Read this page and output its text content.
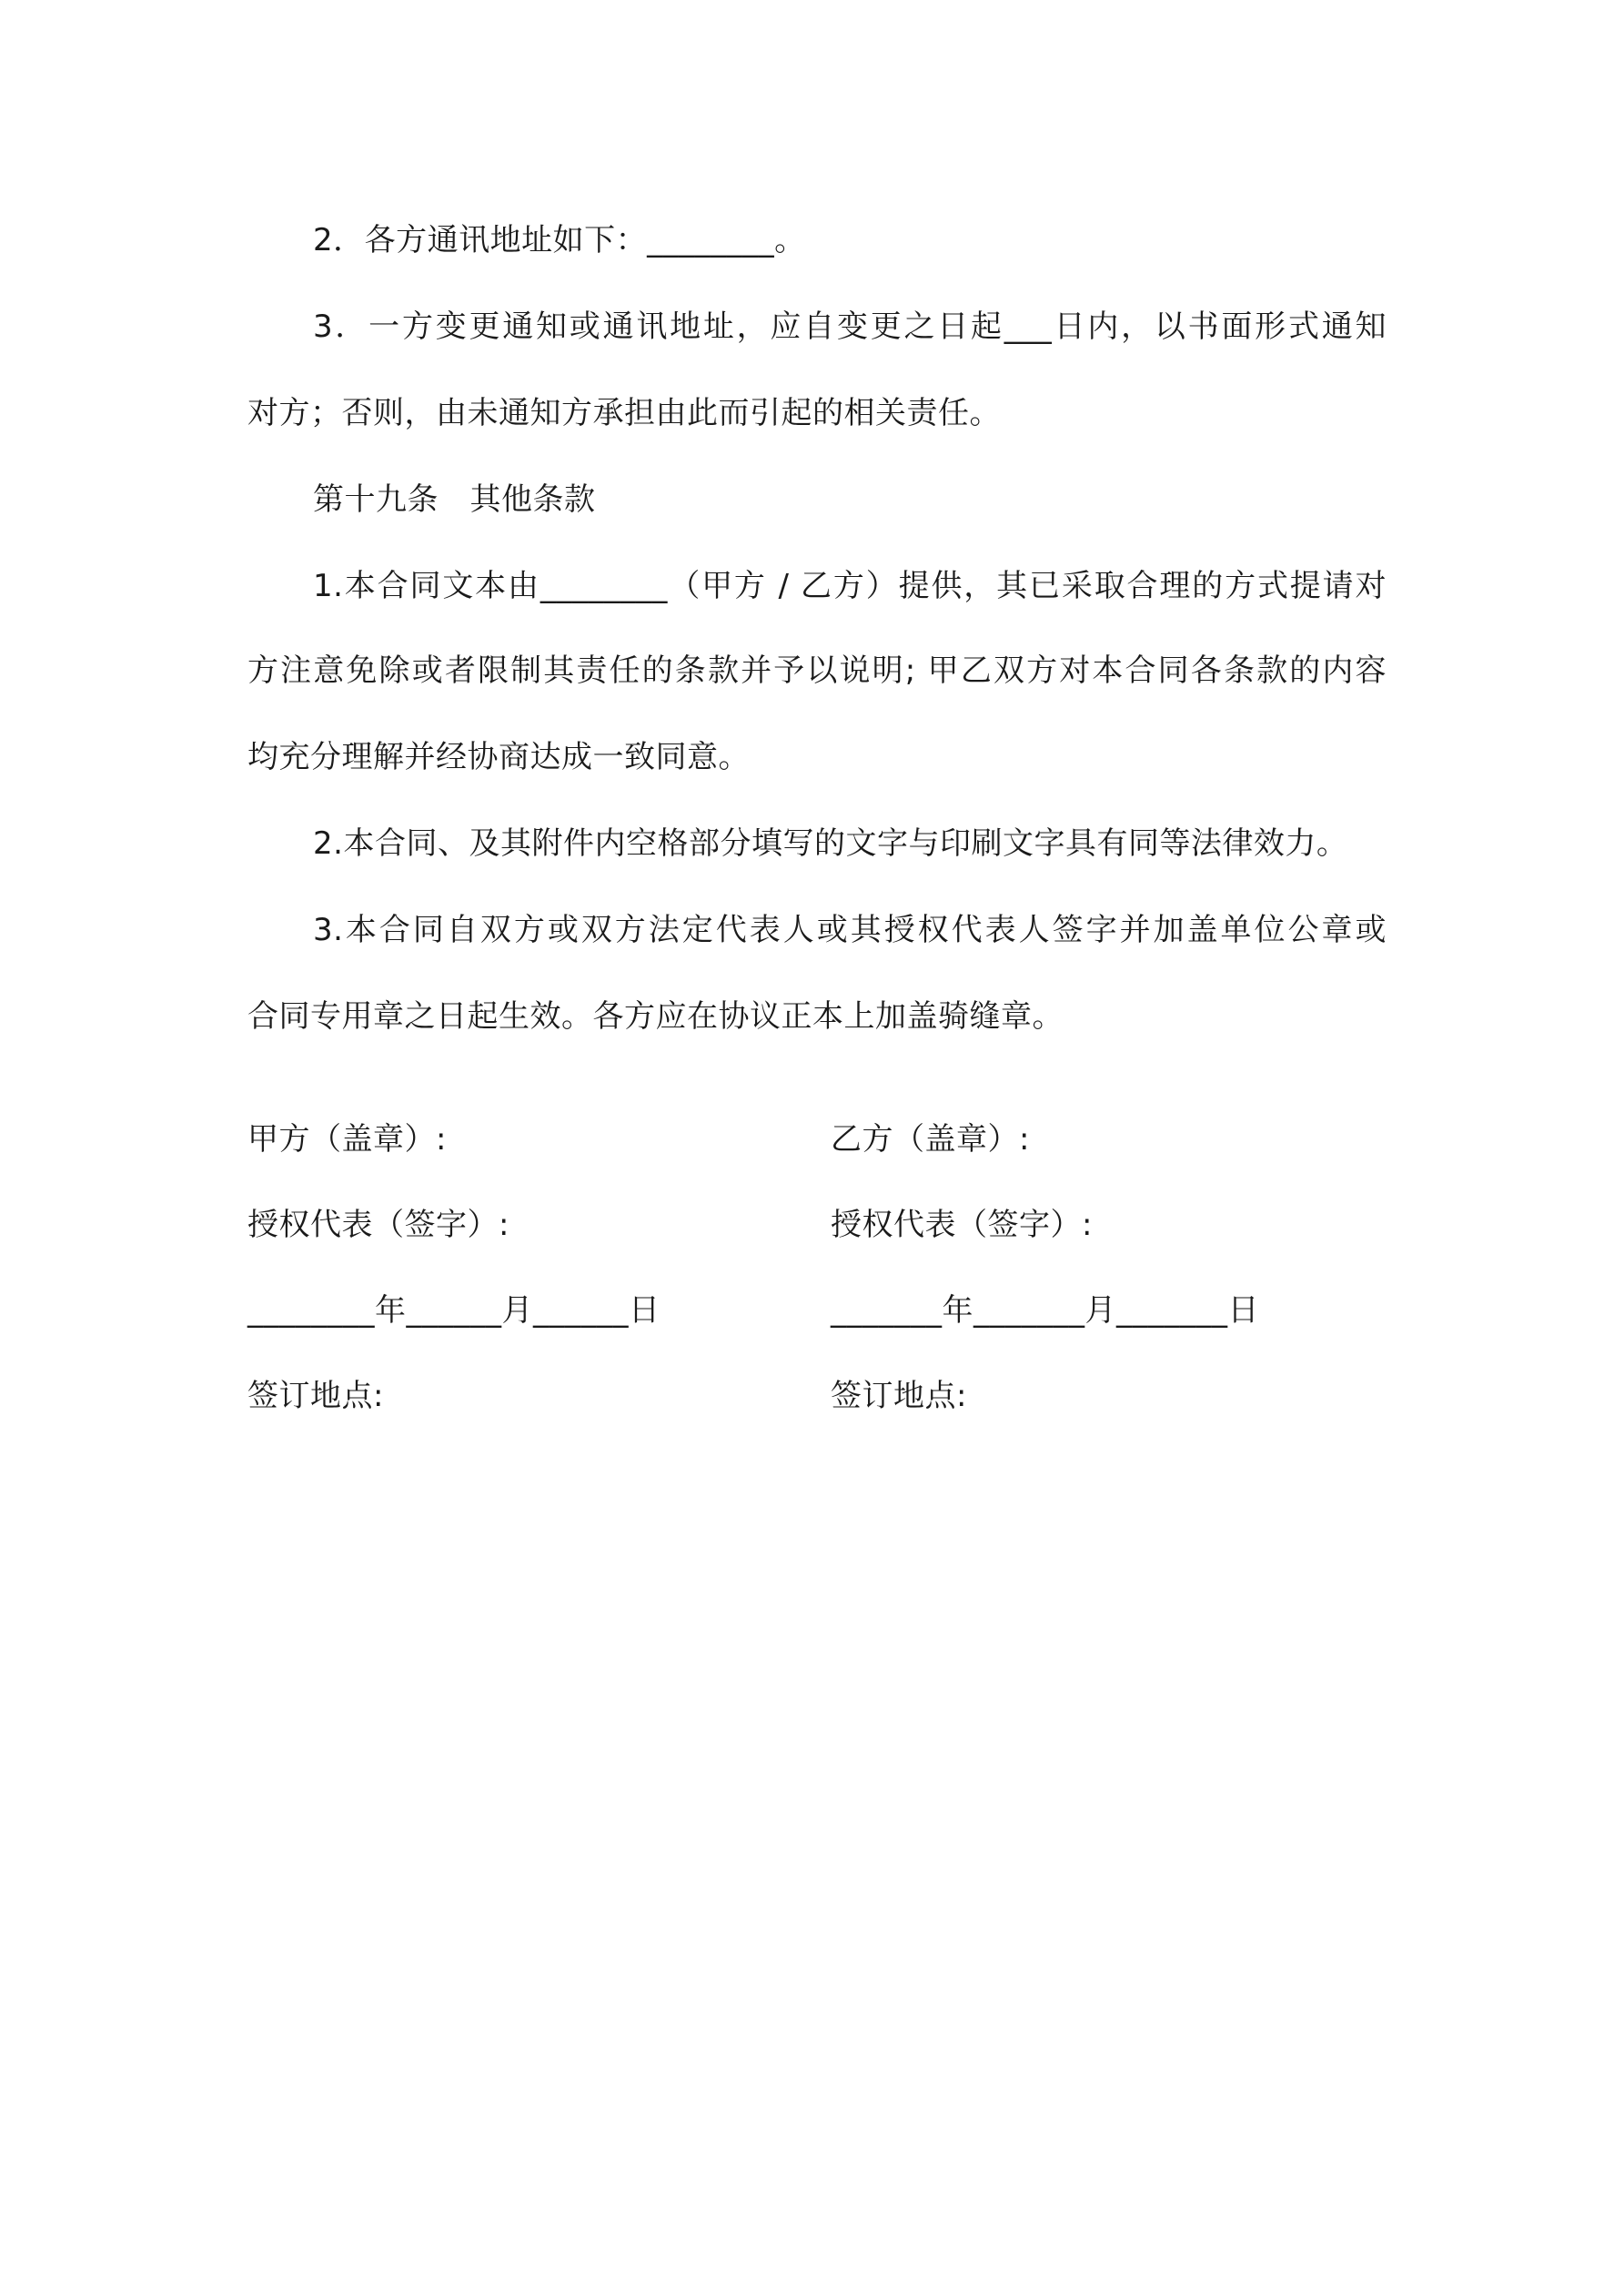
2．各方通讯地址如下：________。
3．一方变更通知或通讯地址，应自变更之日起___日内，以书面形式通知
对方；否则，由未通知方承担由此而引起的相关责任。
第十九条　其他条款
1.本合同文本由________（甲方 / 乙方）提供，其已采取合理的方式提请对
方注意免除或者限制其责任的条款并予以说明; 甲乙双方对本合同各条款的内容
均充分理解并经协商达成一致同意。
2.本合同、及其附件内空格部分填写的文字与印刷文字具有同等法律效力。
3.本合同自双方或双方法定代表人或其授权代表人签字并加盖单位公章或
合同专用章之日起生效。各方应在协议正本上加盖骑缝章。
甲方（盖章）:	乙方（盖章）:
授权代表（签字）:	授权代表（签字）:
________年______月______日	_______年_______月_______日
签订地点:	签订地点:
